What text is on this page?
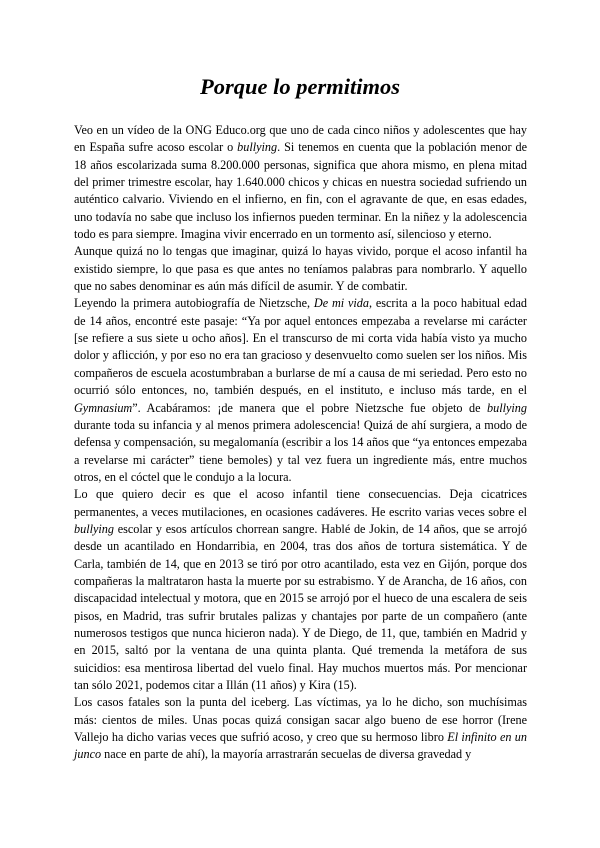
Porque lo permitimos

Veo en un vídeo de la ONG Educo.org que uno de cada cinco niños y adolescentes que hay en España sufre acoso escolar o bullying. Si tenemos en cuenta que la población menor de 18 años escolarizada suma 8.200.000 personas, significa que ahora mismo, en plena mitad del primer trimestre escolar, hay 1.640.000 chicos y chicas en nuestra sociedad sufriendo un auténtico calvario. Viviendo en el infierno, en fin, con el agravante de que, en esas edades, uno todavía no sabe que incluso los infiernos pueden terminar. En la niñez y la adolescencia todo es para siempre. Imagina vivir encerrado en un tormento así, silencioso y eterno.

Aunque quizá no lo tengas que imaginar, quizá lo hayas vivido, porque el acoso infantil ha existido siempre, lo que pasa es que antes no teníamos palabras para nombrarlo. Y aquello que no sabes denominar es aún más difícil de asumir. Y de combatir.

Leyendo la primera autobiografía de Nietzsche, De mi vida, escrita a la poco habitual edad de 14 años, encontré este pasaje: “Ya por aquel entonces empezaba a revelarse mi carácter [se refiere a sus siete u ocho años]. En el transcurso de mi corta vida había visto ya mucho dolor y aflicción, y por eso no era tan gracioso y desenvuelto como suelen ser los niños. Mis compañeros de escuela acostumbraban a burlarse de mí a causa de mi seriedad. Pero esto no ocurrió sólo entonces, no, también después, en el instituto, e incluso más tarde, en el Gymnasium”. Acabáramos: ¡de manera que el pobre Nietzsche fue objeto de bullying durante toda su infancia y al menos primera adolescencia! Quizá de ahí surgiera, a modo de defensa y compensación, su megalomanía (escribir a los 14 años que “ya entonces empezaba a revelarse mi carácter” tiene bemoles) y tal vez fuera un ingrediente más, entre muchos otros, en el cóctel que le condujo a la locura.

Lo que quiero decir es que el acoso infantil tiene consecuencias. Deja cicatrices permanentes, a veces mutilaciones, en ocasiones cadáveres. He escrito varias veces sobre el bullying escolar y esos artículos chorrean sangre. Hablé de Jokin, de 14 años, que se arrojó desde un acantilado en Hondarribia, en 2004, tras dos años de tortura sistemática. Y de Carla, también de 14, que en 2013 se tiró por otro acantilado, esta vez en Gijón, porque dos compañeras la maltrataron hasta la muerte por su estrabismo. Y de Arancha, de 16 años, con discapacidad intelectual y motora, que en 2015 se arrojó por el hueco de una escalera de seis pisos, en Madrid, tras sufrir brutales palizas y chantajes por parte de un compañero (ante numerosos testigos que nunca hicieron nada). Y de Diego, de 11, que, también en Madrid y en 2015, saltó por la ventana de una quinta planta. Qué tremenda la metáfora de sus suicidios: esa mentirosa libertad del vuelo final. Hay muchos muertos más. Por mencionar tan sólo 2021, podemos citar a Illán (11 años) y Kira (15).

Los casos fatales son la punta del iceberg. Las víctimas, ya lo he dicho, son muchísimas más: cientos de miles. Unas pocas quizá consigan sacar algo bueno de ese horror (Irene Vallejo ha dicho varias veces que sufrió acoso, y creo que su hermoso libro El infinito en un junco nace en parte de ahí), la mayoría arrastrarán secuelas de diversa gravedad y
